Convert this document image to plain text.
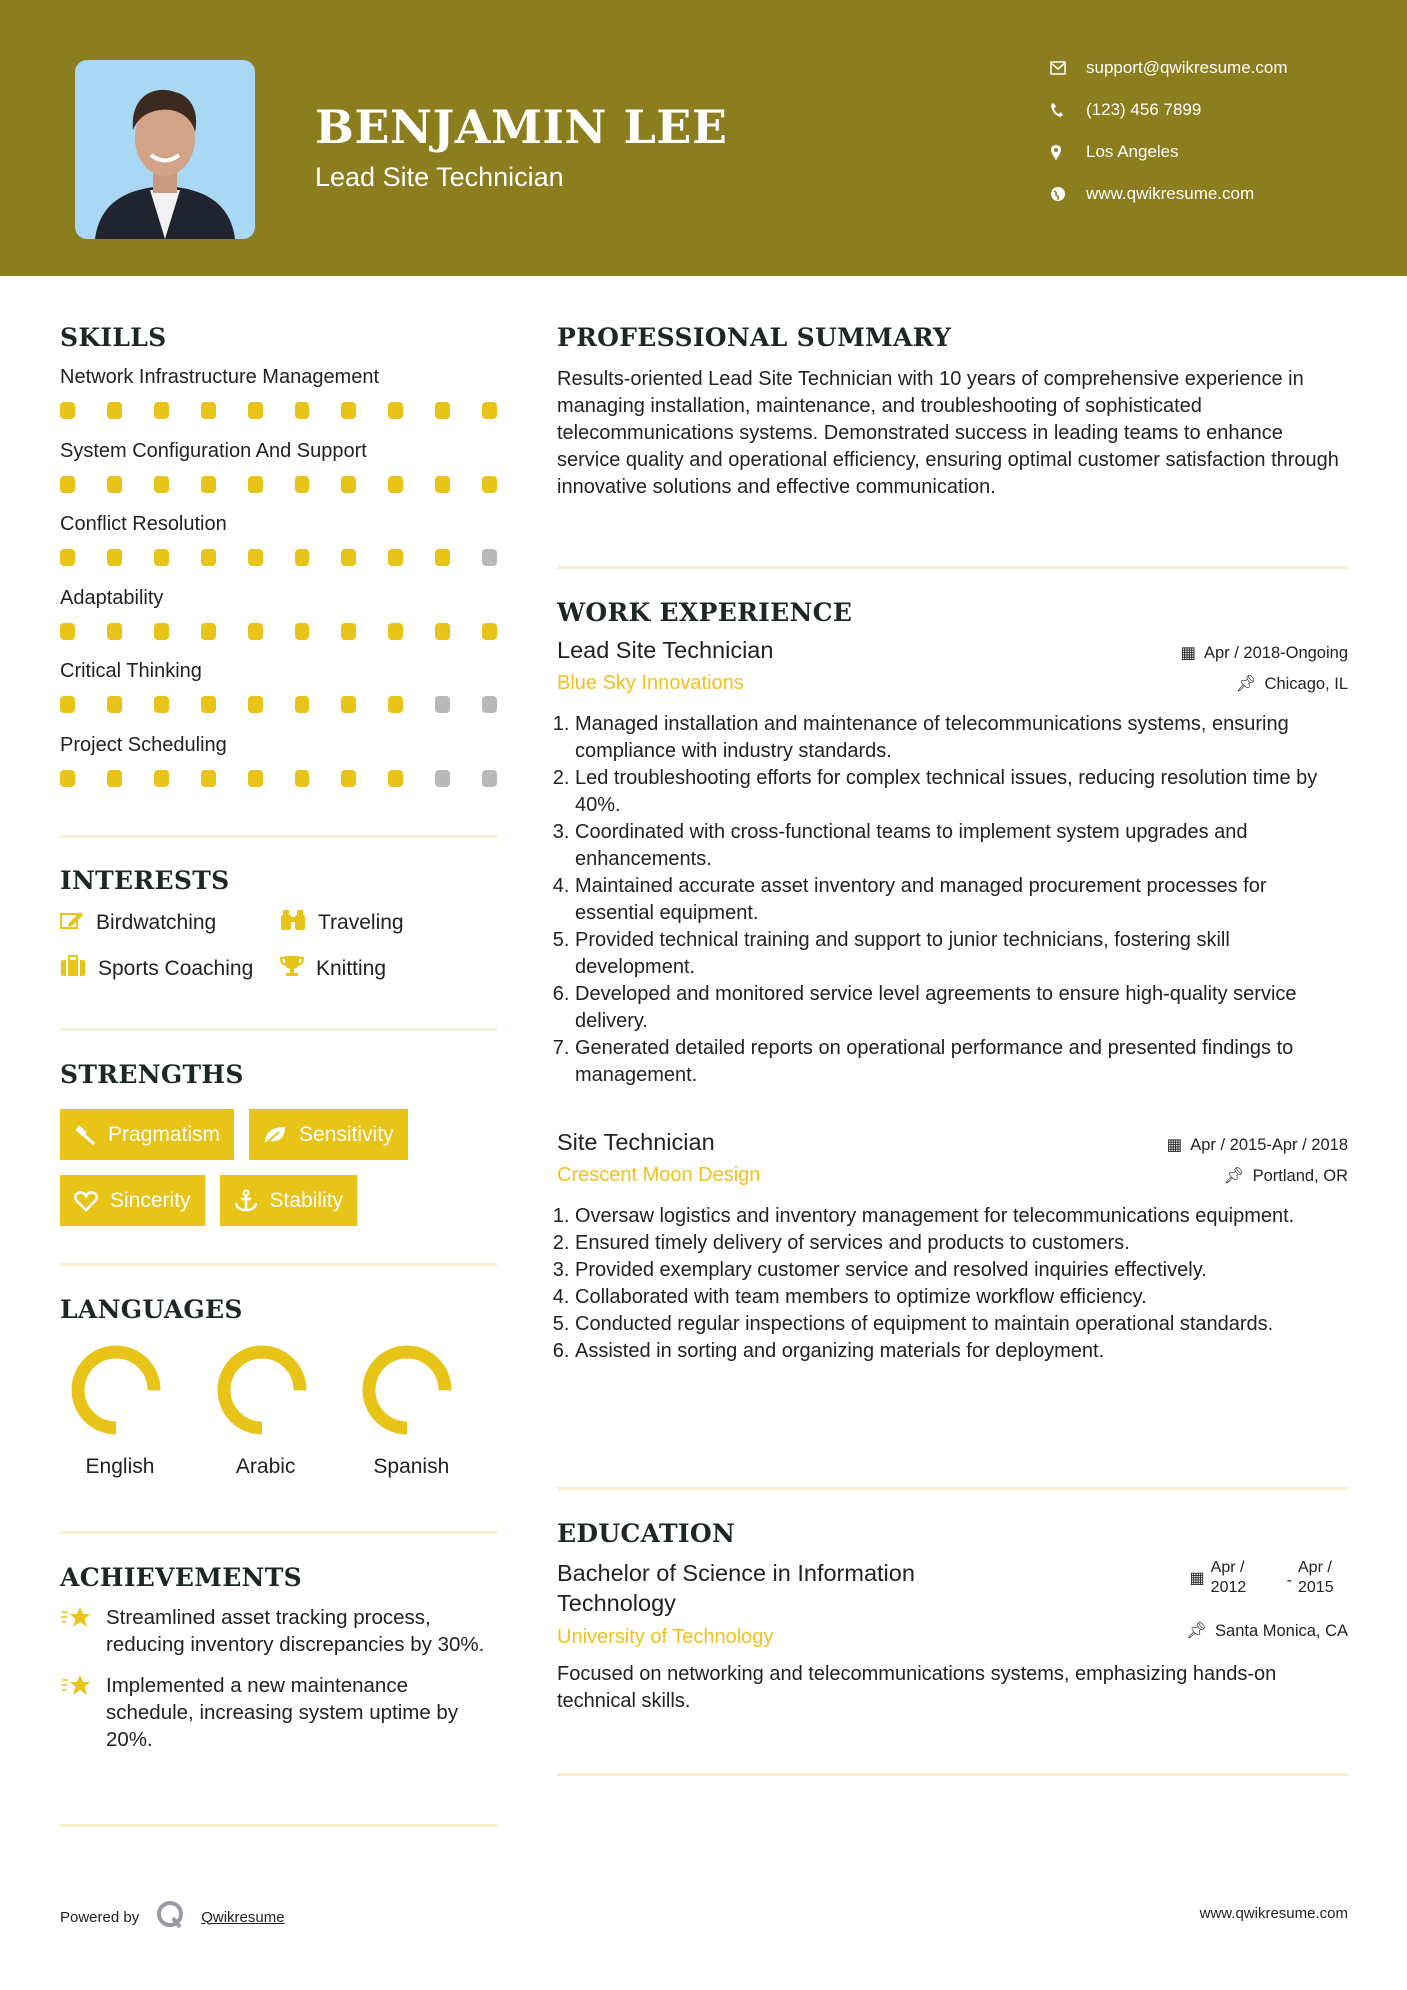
BENJAMIN LEE
Lead Site Technician
support@qwikresume.com
(123) 456 7899
Los Angeles
www.qwikresume.com
SKILLS
Network Infrastructure Management
System Configuration And Support
Conflict Resolution
Adaptability
Critical Thinking
Project Scheduling
INTERESTS
Birdwatching	Traveling
Sports Coaching	Knitting
STRENGTHS
Pragmatism	Sensitivity
Sincerity	Stability
LANGUAGES
English	Arabic	Spanish
ACHIEVEMENTS
Streamlined asset tracking process, reducing inventory discrepancies by 30%.
Implemented a new maintenance schedule, increasing system uptime by 20%.
PROFESSIONAL SUMMARY

Results-oriented Lead Site Technician with 10 years of comprehensive experience in managing installation, maintenance, and troubleshooting of sophisticated telecommunications systems. Demonstrated success in leading teams to enhance service quality and operational efficiency, ensuring optimal customer satisfaction through innovative solutions and effective communication.

WORK EXPERIENCE
Lead Site Technician
Blue Sky Innovations
▦ Apr / 2018-Ongoing
📌︎ Chicago, IL
1. Managed installation and maintenance of telecommunications systems, ensuring compliance with industry standards.
2. Led troubleshooting efforts for complex technical issues, reducing resolution time by 40%.
3. Coordinated with cross-functional teams to implement system upgrades and enhancements.
4. Maintained accurate asset inventory and managed procurement processes for essential equipment.
5. Provided technical training and support to junior technicians, fostering skill development.
6. Developed and monitored service level agreements to ensure high-quality service delivery.
7. Generated detailed reports on operational performance and presented findings to management.
Site Technician
Crescent Moon Design
▦ Apr / 2015-Apr / 2018
📌︎ Portland, OR
1. Oversaw logistics and inventory management for telecommunications equipment.
2. Ensured timely delivery of services and products to customers.
3. Provided exemplary customer service and resolved inquiries effectively.
4. Collaborated with team members to optimize workflow efficiency.
5. Conducted regular inspections of equipment to maintain operational standards.
6. Assisted in sorting and organizing materials for deployment.
EDUCATION
Bachelor of Science in Information Technology
University of Technology
▦
Apr / 2012	-
Apr / 2015
📌︎ Santa Monica, CA

Focused on networking and telecommunications systems, emphasizing hands-on technical skills.

Powered by	Qwikresume	www.qwikresume.com
